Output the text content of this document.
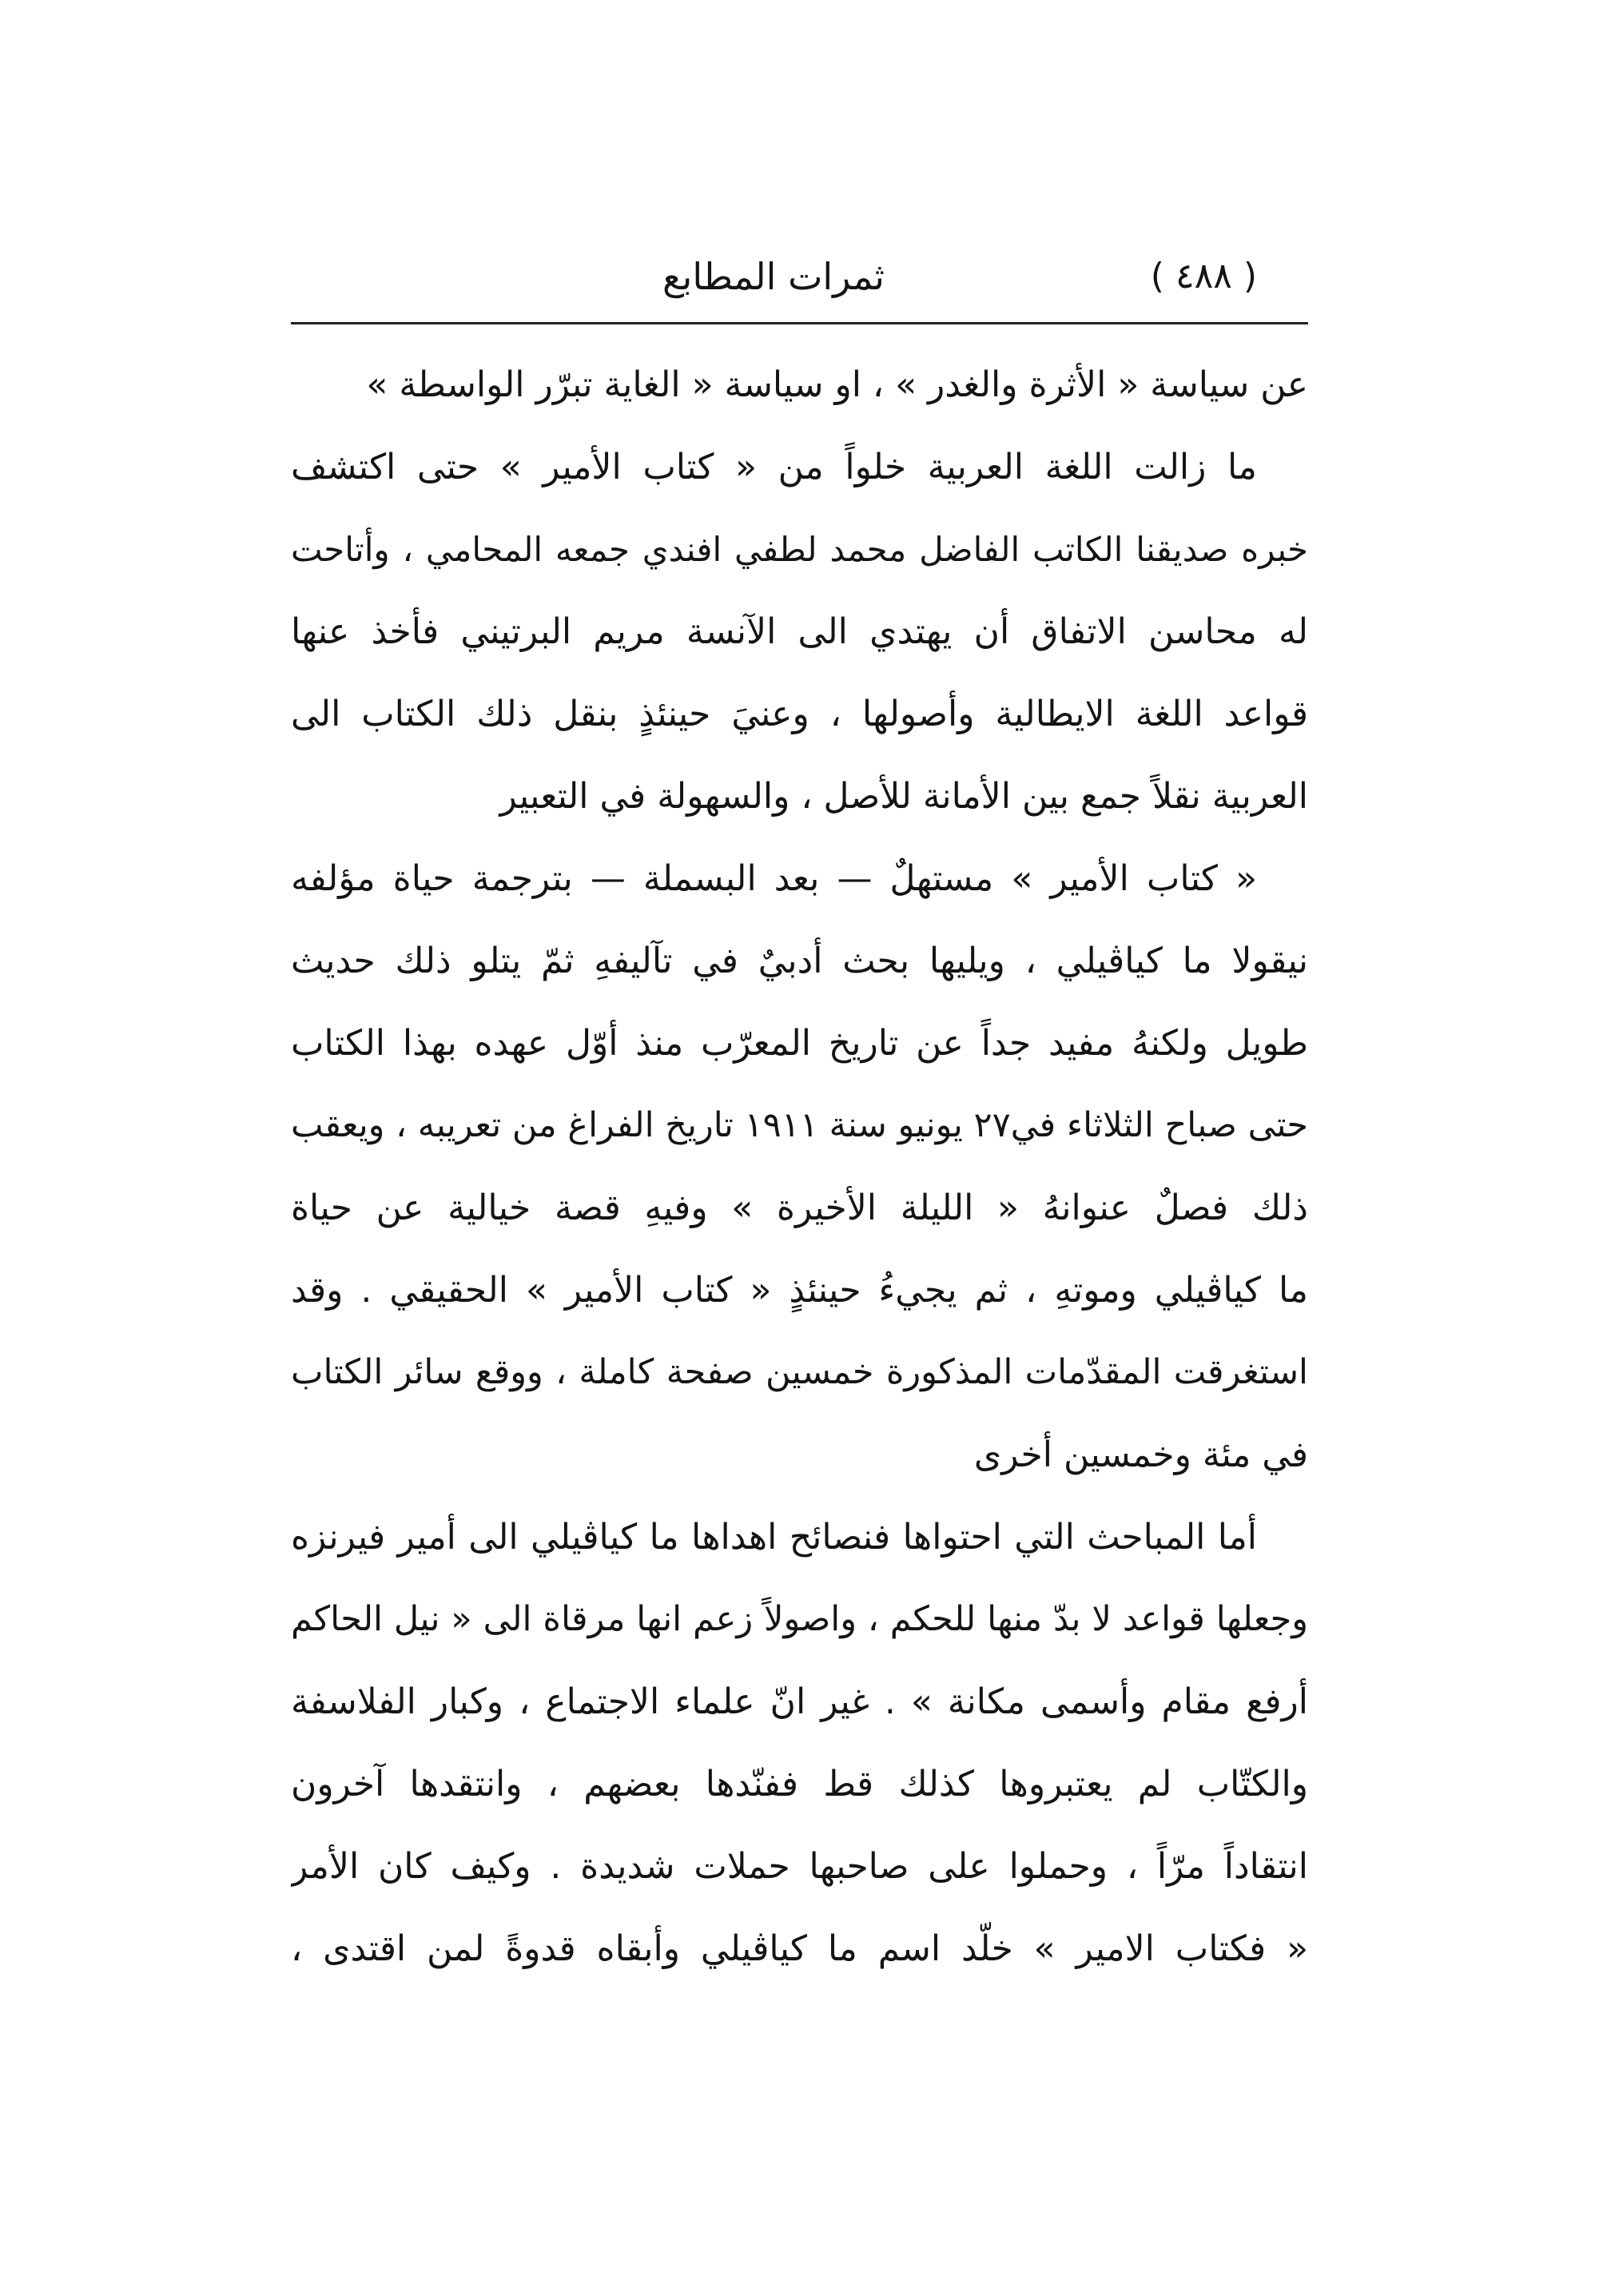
( ٤٨٨ )
ثمرات المطابع
عن سياسة « الأثرة والغدر » ، او سياسة « الغاية تبرّر الواسطة »
ما زالت اللغة العربية خلواً من « كتاب الأمير » حتى اكتشف
خبره صديقنا الكاتب الفاضل محمد لطفي افندي جمعه المحامي ، وأتاحت
له محاسن الاتفاق أن يهتدي الى الآنسة مريم البرتيني فأخذ عنها
قواعد اللغة الايطالية وأصولها ، وعنيَ حينئذٍ بنقل ذلك الكتاب الى
العربية نقلاً جمع بين الأمانة للأصل ، والسهولة في التعبير
« كتاب الأمير » مستهلٌ — بعد البسملة — بترجمة حياة مؤلفه
نيقولا ما كياڤيلي ، ويليها بحث أدبيٌ في تآليفهِ ثمّ يتلو ذلك حديث
طويل ولكنهُ مفيد جداً عن تاريخ المعرّب منذ أوّل عهده بهذا الكتاب
حتى صباح الثلاثاء في٢٧ يونيو سنة ١٩١١ تاريخ الفراغ من تعريبه ، ويعقب
ذلك فصلٌ عنوانهُ « الليلة الأخيرة » وفيهِ قصة خيالية عن حياة
ما كياڤيلي وموتهِ ، ثم يجيءُ حينئذٍ « كتاب الأمير » الحقيقي . وقد
استغرقت المقدّمات المذكورة خمسين صفحة كاملة ، ووقع سائر الكتاب
في مئة وخمسين أخرى
أما المباحث التي احتواها فنصائح اهداها ما كياڤيلي الى أمير فيرنزه
وجعلها قواعد لا بدّ منها للحكم ، واصولاً زعم انها مرقاة الى « نيل الحاكم
أرفع مقام وأسمى مكانة » . غير انّ علماء الاجتماع ، وكبار الفلاسفة
والكتّاب لم يعتبروها كذلك قط ففنّدها بعضهم ، وانتقدها آخرون
انتقاداً مرّاً ، وحملوا على صاحبها حملات شديدة . وكيف كان الأمر
« فكتاب الامير » خلّد اسم ما كياڤيلي وأبقاه قدوةً لمن اقتدى ،
